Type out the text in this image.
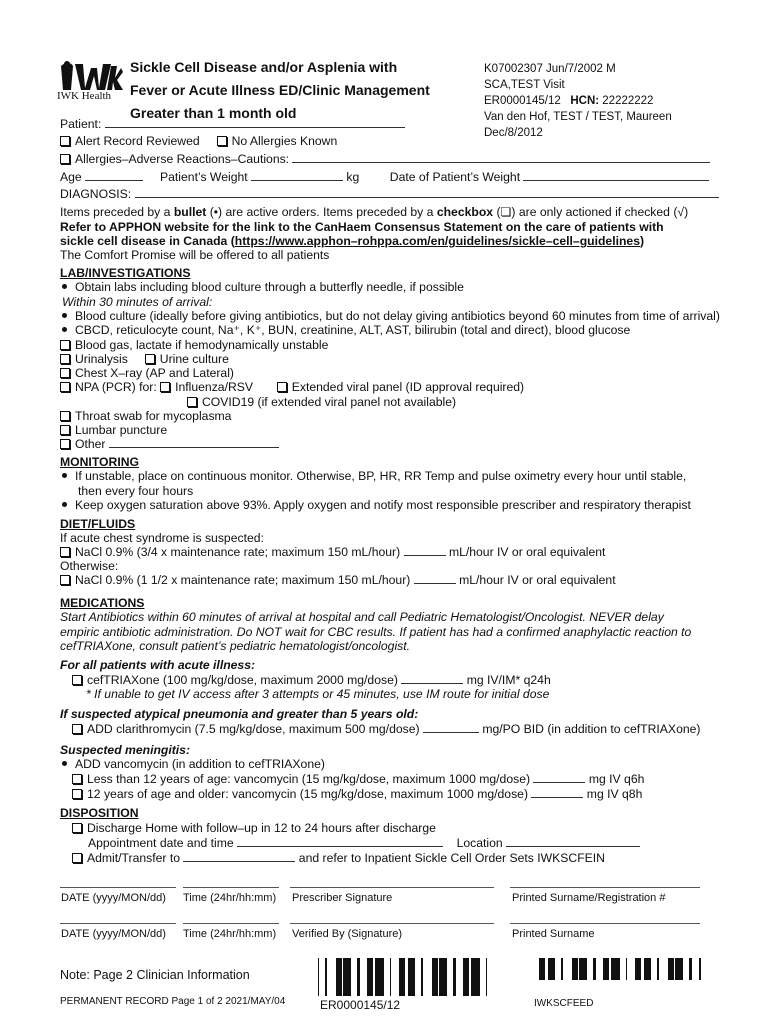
IWK Health
Sickle Cell Disease and/or Asplenia with
Fever or Acute Illness ED/Clinic Management
Greater than 1 month old
K07002307 Jun/7/2002 M
SCA,TEST Visit
ER0000145/12 HCN: 22222222
Van den Hof, TEST / TEST, Maureen
Dec/8/2012
Patient:
Alert Record Reviewed	No Allergies Known
Allergies–Adverse Reactions–Cautions:
Age	Patient’s Weight	kg Date of Patient’s Weight
DIAGNOSIS:
Items preceded by a bullet (•) are active orders. Items preceded by a checkbox (❏) are only actioned if checked (√)
Refer to APPHON website for the link to the CanHaem Consensus Statement on the care of patients with
sickle cell disease in Canada (https://www.apphon–rohppa.com/en/guidelines/sickle–cell–guidelines)
The Comfort Promise will be offered to all patients
LAB/INVESTIGATIONS
Obtain labs including blood culture through a butterfly needle, if possible
Within 30 minutes of arrival:
Blood culture (ideally before giving antibiotics, but do not delay giving antibiotics beyond 60 minutes from time of arrival)
CBCD, reticulocyte count, Na⁺, K⁺, BUN, creatinine, ALT, AST, bilirubin (total and direct), blood glucose
Blood gas, lactate if hemodynamically unstable
Urinalysis	Urine culture
Chest X–ray (AP and Lateral)
NPA (PCR) for: Influenza/RSV	Extended viral panel (ID approval required)
COVID19 (if extended viral panel not available)
Throat swab for mycoplasma
Lumbar puncture
Other
MONITORING
If unstable, place on continuous monitor. Otherwise, BP, HR, RR Temp and pulse oximetry every hour until stable,
then every four hours
Keep oxygen saturation above 93%. Apply oxygen and notify most responsible prescriber and respiratory therapist
DIET/FLUIDS
If acute chest syndrome is suspected:
NaCl 0.9% (3/4 x maintenance rate; maximum 150 mL/hour)	mL/hour IV or oral equivalent
Otherwise:
NaCl 0.9% (1 1/2 x maintenance rate; maximum 150 mL/hour)	mL/hour IV or oral equivalent
MEDICATIONS
Start Antibiotics within 60 minutes of arrival at hospital and call Pediatric Hematologist/Oncologist. NEVER delay
empiric antibiotic administration. Do NOT wait for CBC results. If patient has had a confirmed anaphylactic reaction to
cefTRIAXone, consult patient’s pediatric hematologist/oncologist.
For all patients with acute illness:
cefTRIAXone (100 mg/kg/dose, maximum 2000 mg/dose)	mg IV/IM* q24h
* If unable to get IV access after 3 attempts or 45 minutes, use IM route for initial dose
If suspected atypical pneumonia and greater than 5 years old:
ADD clarithromycin (7.5 mg/kg/dose, maximum 500 mg/dose)	mg/PO BID (in addition to cefTRIAXone)
Suspected meningitis:
ADD vancomycin (in addition to cefTRIAXone)
Less than 12 years of age: vancomycin (15 mg/kg/dose, maximum 1000 mg/dose)	mg IV q6h
12 years of age and older: vancomycin (15 mg/kg/dose, maximum 1000 mg/dose)	mg IV q8h
DISPOSITION
Discharge Home with follow–up in 12 to 24 hours after discharge
Appointment date and time	Location
Admit/Transfer to	and refer to Inpatient Sickle Cell Order Sets IWKSCFEIN
DATE (yyyy/MON/dd) Time (24hr/hh:mm) Prescriber Signature	Printed Surname/Registration #
DATE (yyyy/MON/dd) Time (24hr/hh:mm) Verified By (Signature)	Printed Surname
Note: Page 2 Clinician Information
PERMANENT RECORD Page 1 of 2 2021/MAY/04	ER0000145/12	IWKSCFEED
